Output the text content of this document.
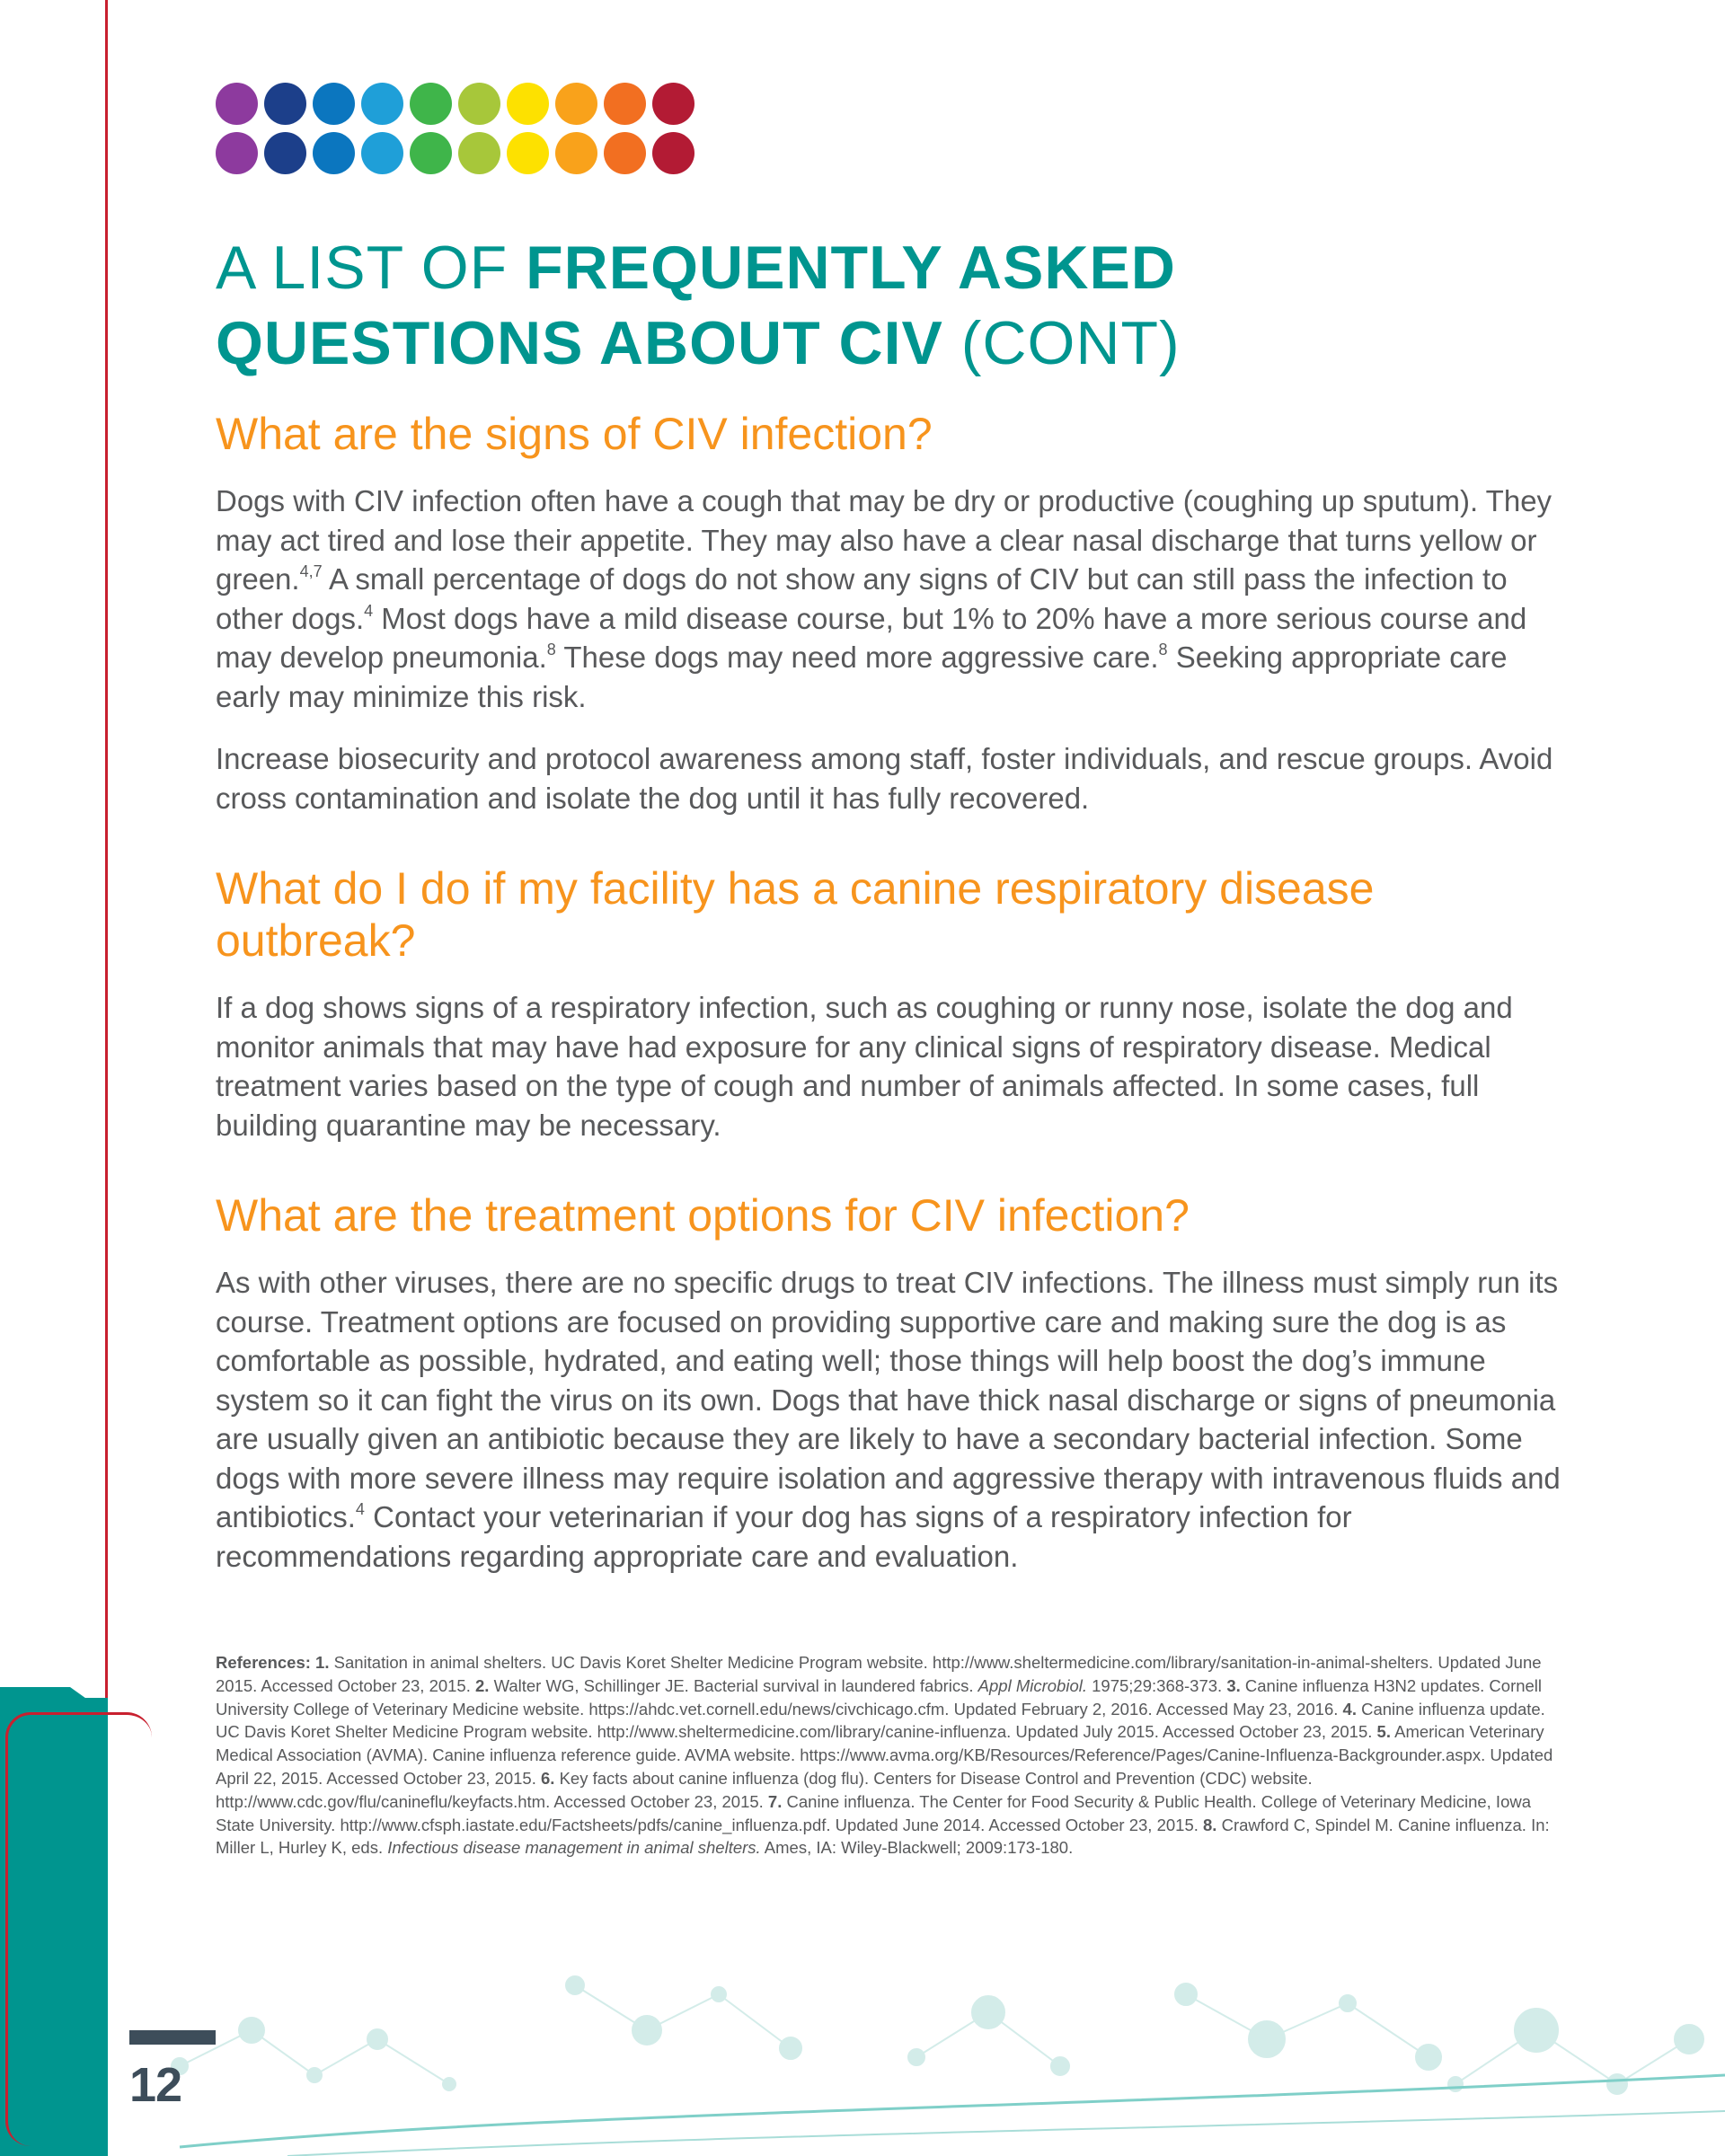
A LIST OF FREQUENTLY ASKED
QUESTIONS ABOUT CIV (CONT)
What are the signs of CIV infection?

Dogs with CIV infection often have a cough that may be dry or productive (coughing up sputum). They may act tired and lose their appetite. They may also have a clear nasal discharge that turns yellow or green.$^{4,7}$ A small percentage of dogs do not show any signs of CIV but can still pass the infection to other dogs.$^4$ Most dogs have a mild disease course, but 1% to 20% have a more serious course and may develop pneumonia.$^8$ These dogs may need more aggressive care.$^8$ Seeking appropriate care early may minimize this risk.

Increase biosecurity and protocol awareness among staff, foster individuals, and rescue groups. Avoid cross contamination and isolate the dog until it has fully recovered.

What do I do if my facility has a canine respiratory disease outbreak?

If a dog shows signs of a respiratory infection, such as coughing or runny nose, isolate the dog and monitor animals that may have had exposure for any clinical signs of respiratory disease. Medical treatment varies based on the type of cough and number of animals affected. In some cases, full building quarantine may be necessary.

What are the treatment options for CIV infection?

As with other viruses, there are no specific drugs to treat CIV infections. The illness must simply run its course. Treatment options are focused on providing supportive care and making sure the dog is as comfortable as possible, hydrated, and eating well; those things will help boost the dog’s immune system so it can fight the virus on its own. Dogs that have thick nasal discharge or signs of pneumonia are usually given an antibiotic because they are likely to have a secondary bacterial infection. Some dogs with more severe illness may require isolation and aggressive therapy with intravenous fluids and antibiotics.$^4$ Contact your veterinarian if your dog has signs of a respiratory infection for recommendations regarding appropriate care and evaluation.

References: 1. Sanitation in animal shelters. UC Davis Koret Shelter Medicine Program website. http://www.sheltermedicine.com/library/sanitation-in-animal-shelters. Updated June 2015. Accessed October 23, 2015. 2. Walter WG, Schillinger JE. Bacterial survival in laundered fabrics. Appl Microbiol. 1975;29:368-373. 3. Canine influenza H3N2 updates. Cornell University College of Veterinary Medicine website. https://ahdc.vet.cornell.edu/news/civchicago.cfm. Updated February 2, 2016. Accessed May 23, 2016. 4. Canine influenza update. UC Davis Koret Shelter Medicine Program website. http://www.sheltermedicine.com/library/canine-influenza. Updated July 2015. Accessed October 23, 2015. 5. American Veterinary Medical Association (AVMA). Canine influenza reference guide. AVMA website. https://www.avma.org/KB/Resources/Reference/Pages/Canine-Influenza-Backgrounder.aspx. Updated April 22, 2015. Accessed October 23, 2015. 6. Key facts about canine influenza (dog flu). Centers for Disease Control and Prevention (CDC) website. http://www.cdc.gov/flu/canineflu/keyfacts.htm. Accessed October 23, 2015. 7. Canine influenza. The Center for Food Security & Public Health. College of Veterinary Medicine, Iowa State University. http://www.cfsph.iastate.edu/Factsheets/pdfs/canine_influenza.pdf. Updated June 2014. Accessed October 23, 2015. 8. Crawford C, Spindel M. Canine influenza. In: Miller L, Hurley K, eds. Infectious disease management in animal shelters. Ames, IA: Wiley-Blackwell; 2009:173-180.
12
